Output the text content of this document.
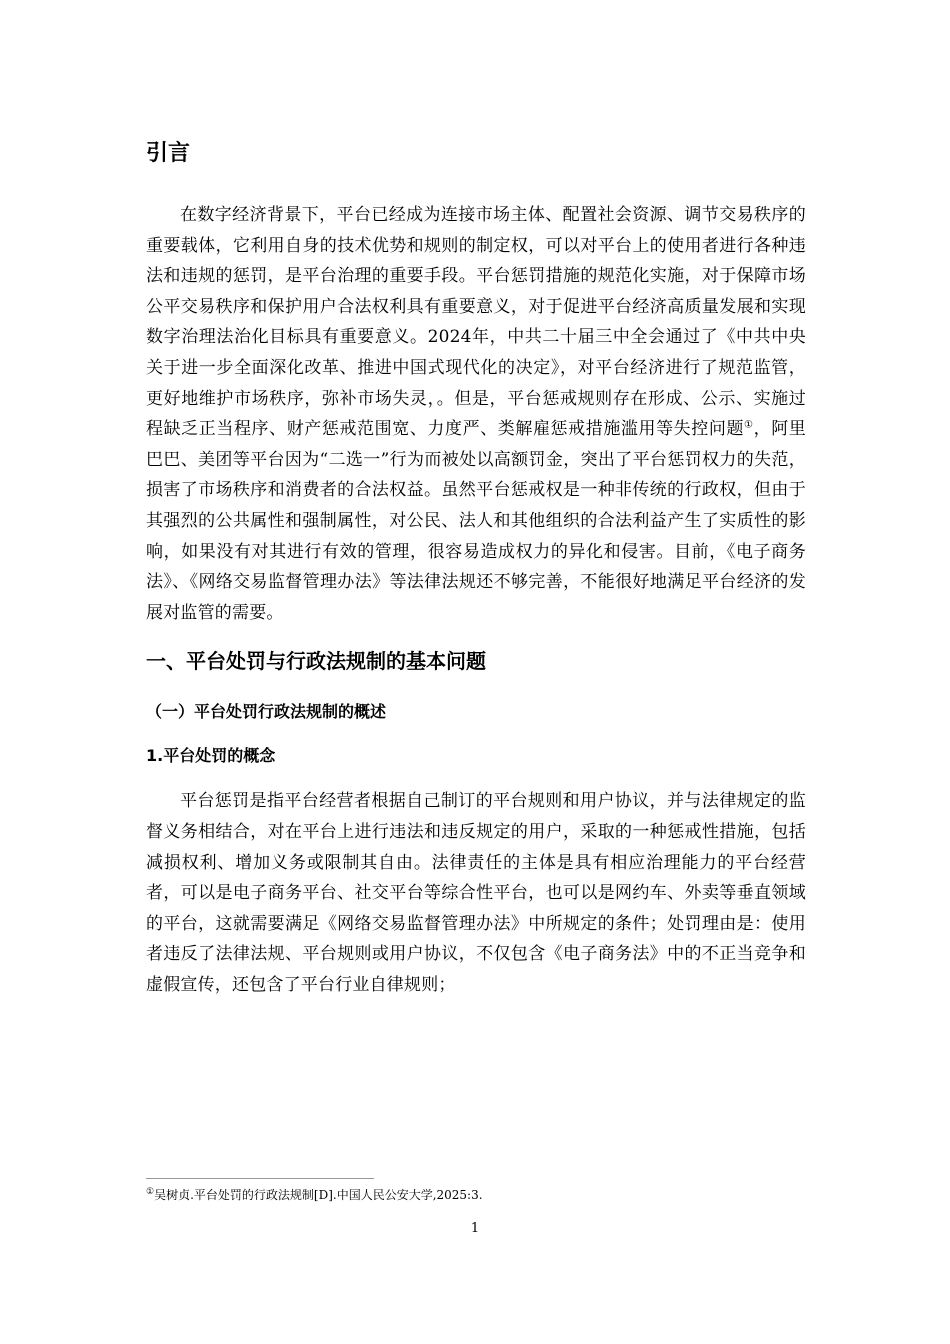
引言

在数字经济背景下，平台已经成为连接市场主体、配置社会资源、调节交易秩序的重要载体，它利用自身的技术优势和规则的制定权，可以对平台上的使用者进行各种违法和违规的惩罚，是平台治理的重要手段。平台惩罚措施的规范化实施，对于保障市场公平交易秩序和保护用户合法权利具有重要意义，对于促进平台经济高质量发展和实现数字治理法治化目标具有重要意义。2024年，中共二十届三中全会通过了《中共中央关于进一步全面深化改革、推进中国式现代化的决定》，对平台经济进行了规范监管，更好地维护市场秩序，弥补市场失灵，。但是，平台惩戒规则存在形成、公示、实施过程缺乏正当程序、财产惩戒范围宽、力度严、类解雇惩戒措施滥用等失控问题①，阿里巴巴、美团等平台因为“二选一”行为而被处以高额罚金，突出了平台惩罚权力的失范，损害了市场秩序和消费者的合法权益。虽然平台惩戒权是一种非传统的行政权，但由于其强烈的公共属性和强制属性，对公民、法人和其他组织的合法利益产生了实质性的影响，如果没有对其进行有效的管理，很容易造成权力的异化和侵害。目前，《电子商务法》、《网络交易监督管理办法》等法律法规还不够完善，不能很好地满足平台经济的发展对监管的需要。

一、平台处罚与行政法规制的基本问题
（一）平台处罚行政法规制的概述
1.平台处罚的概念

平台惩罚是指平台经营者根据自己制订的平台规则和用户协议，并与法律规定的监督义务相结合，对在平台上进行违法和违反规定的用户，采取的一种惩戒性措施，包括减损权利、增加义务或限制其自由。法律责任的主体是具有相应治理能力的平台经营者，可以是电子商务平台、社交平台等综合性平台，也可以是网约车、外卖等垂直领域的平台，这就需要满足《网络交易监督管理办法》中所规定的条件；处罚理由是：使用者违反了法律法规、平台规则或用户协议，不仅包含《电子商务法》中的不正当竞争和虚假宣传，还包含了平台行业自律规则；

①吴树贞.平台处罚的行政法规制[D].中国人民公安大学,2025:3.
1
